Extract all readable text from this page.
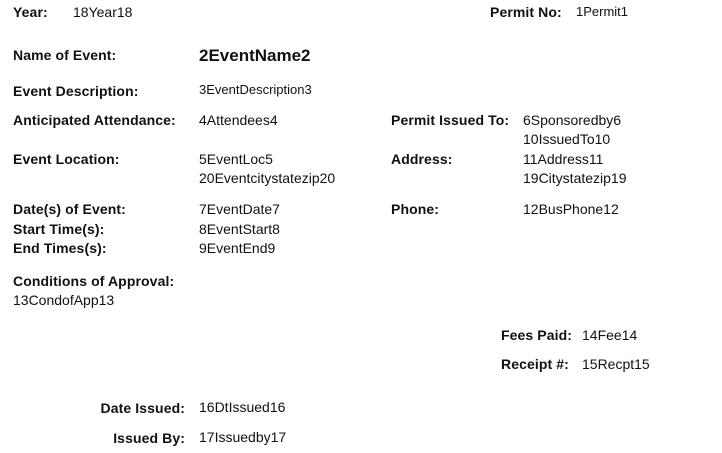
Year: 18Year18	Permit No: 1Permit1
Name of Event:	2EventName2
Event Description:	3EventDescription3
Anticipated Attendance: 4Attendees4	Permit Issued To: 6Sponsoredby6
10IssuedTo10
Event Location:	5EventLoc5
20Eventcitystatezip20
Address:	11Address11
19Citystatezip19
Date(s) of Event:	7EventDate7	Phone:	12BusPhone12
Start Time(s):	8EventStart8
End Times(s):	9EventEnd9
Conditions of Approval:
13CondofApp13
Fees Paid: 14Fee14
Receipt #: 15Recpt15
Date Issued: 16DtIssued16
Issued By: 17Issuedby17
